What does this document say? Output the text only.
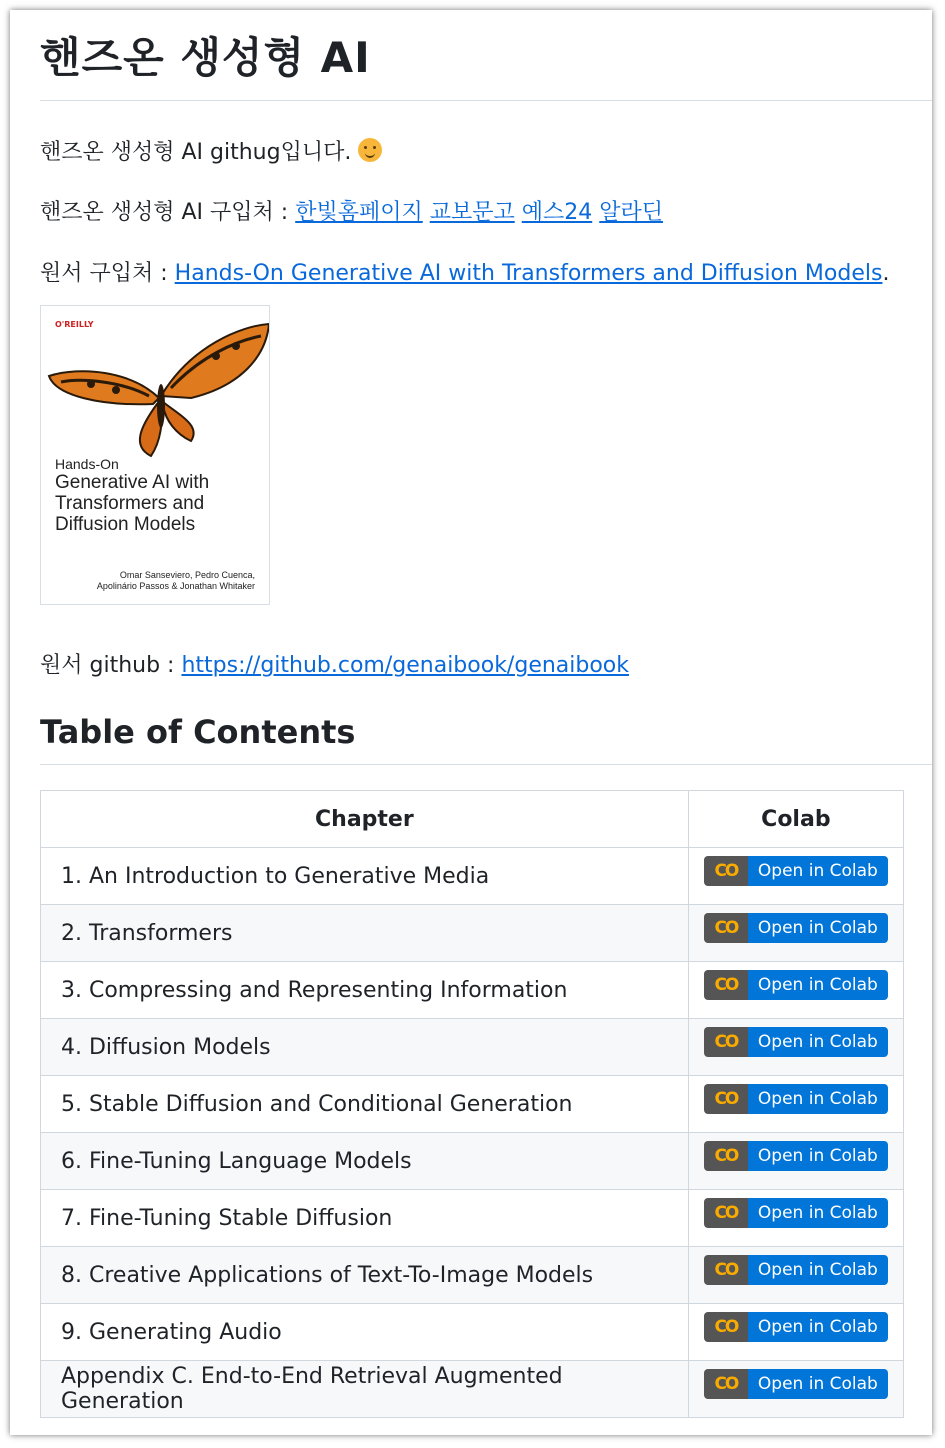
핸즈온 생성형 AI

핸즈온 생성형 AI githug입니다.

핸즈온 생성형 AI 구입처 : 한빛홈페이지 교보문고 예스24 알라딘

원서 구입처 : Hands-On Generative AI with Transformers and Diffusion Models.

O'REILLY
Hands-On
Generative AI with Transformers and Diffusion Models
Omar Sanseviero, Pedro Cuenca,
Apolinário Passos & Jonathan Whitaker

원서 github : https://github.com/genaibook/genaibook

Table of Contents
Chapter	Colab
1. An Introduction to Generative Media	CO Open in Colab

2. Transformers	CO Open in Colab

3. Compressing and Representing Information	CO Open in Colab

4. Diffusion Models	CO Open in Colab

5. Stable Diffusion and Conditional Generation	CO Open in Colab

6. Fine-Tuning Language Models	CO Open in Colab

7. Fine-Tuning Stable Diffusion	CO Open in Colab

8. Creative Applications of Text-To-Image Models	CO Open in Colab

9. Generating Audio	CO Open in Colab

Appendix C. End-to-End Retrieval Augmented Generation	CO Open in Colab
